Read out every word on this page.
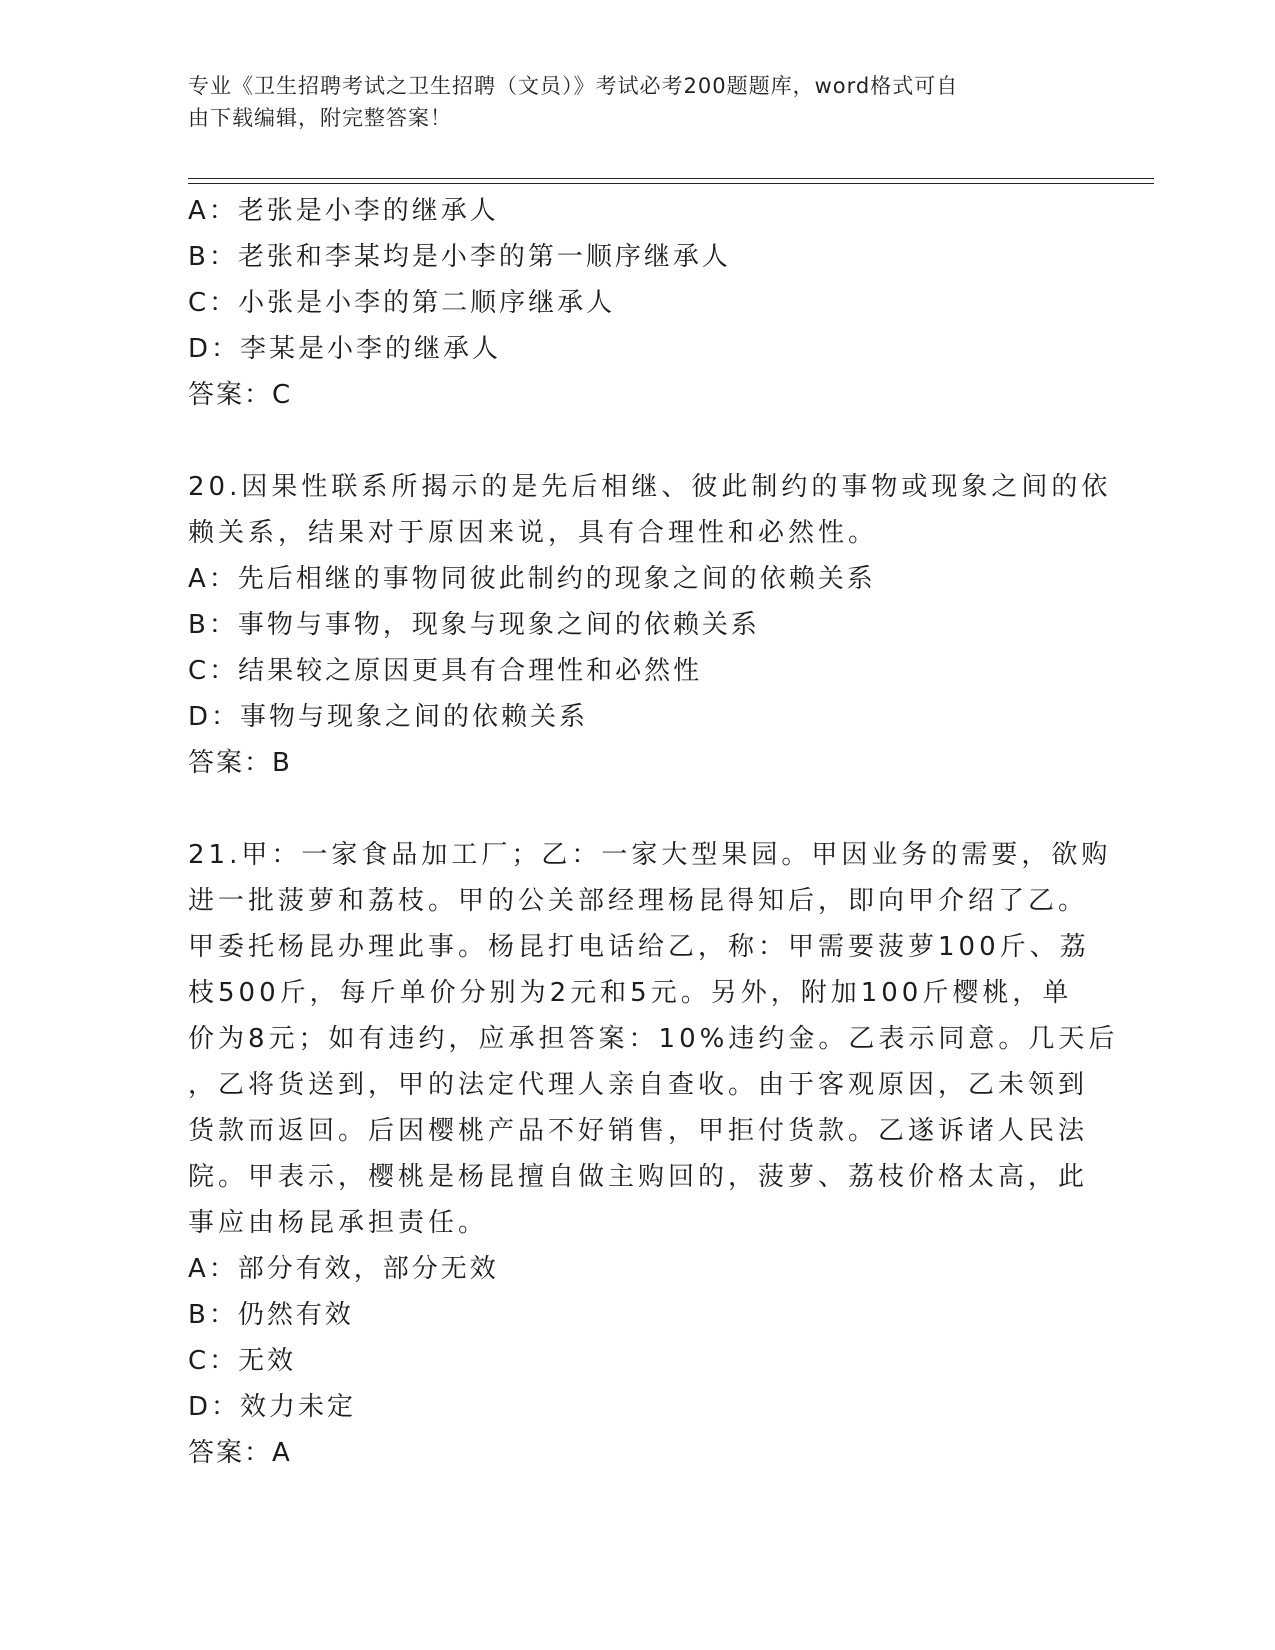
专业《卫生招聘考试之卫生招聘（文员）》考试必考200题题库，word格式可自
由下载编辑，附完整答案！
A：老张是小李的继承人
B：老张和李某均是小李的第一顺序继承人
C：小张是小李的第二顺序继承人
D：李某是小李的继承人
答案：C
20.因果性联系所揭示的是先后相继、彼此制约的事物或现象之间的依
赖关系，结果对于原因来说，具有合理性和必然性。
A：先后相继的事物同彼此制约的现象之间的依赖关系
B：事物与事物，现象与现象之间的依赖关系
C：结果较之原因更具有合理性和必然性
D：事物与现象之间的依赖关系
答案：B
21.甲：一家食品加工厂；乙：一家大型果园。甲因业务的需要，欲购
进一批菠萝和荔枝。甲的公关部经理杨昆得知后，即向甲介绍了乙。
甲委托杨昆办理此事。杨昆打电话给乙，称：甲需要菠萝100斤、荔
枝500斤，每斤单价分别为2元和5元。另外，附加100斤樱桃，单
价为8元；如有违约，应承担答案：10%违约金。乙表示同意。几天后
，乙将货送到，甲的法定代理人亲自查收。由于客观原因，乙未领到
货款而返回。后因樱桃产品不好销售，甲拒付货款。乙遂诉诸人民法
院。甲表示，樱桃是杨昆擅自做主购回的，菠萝、荔枝价格太高，此
事应由杨昆承担责任。
A：部分有效，部分无效
B：仍然有效
C：无效
D：效力未定
答案：A
